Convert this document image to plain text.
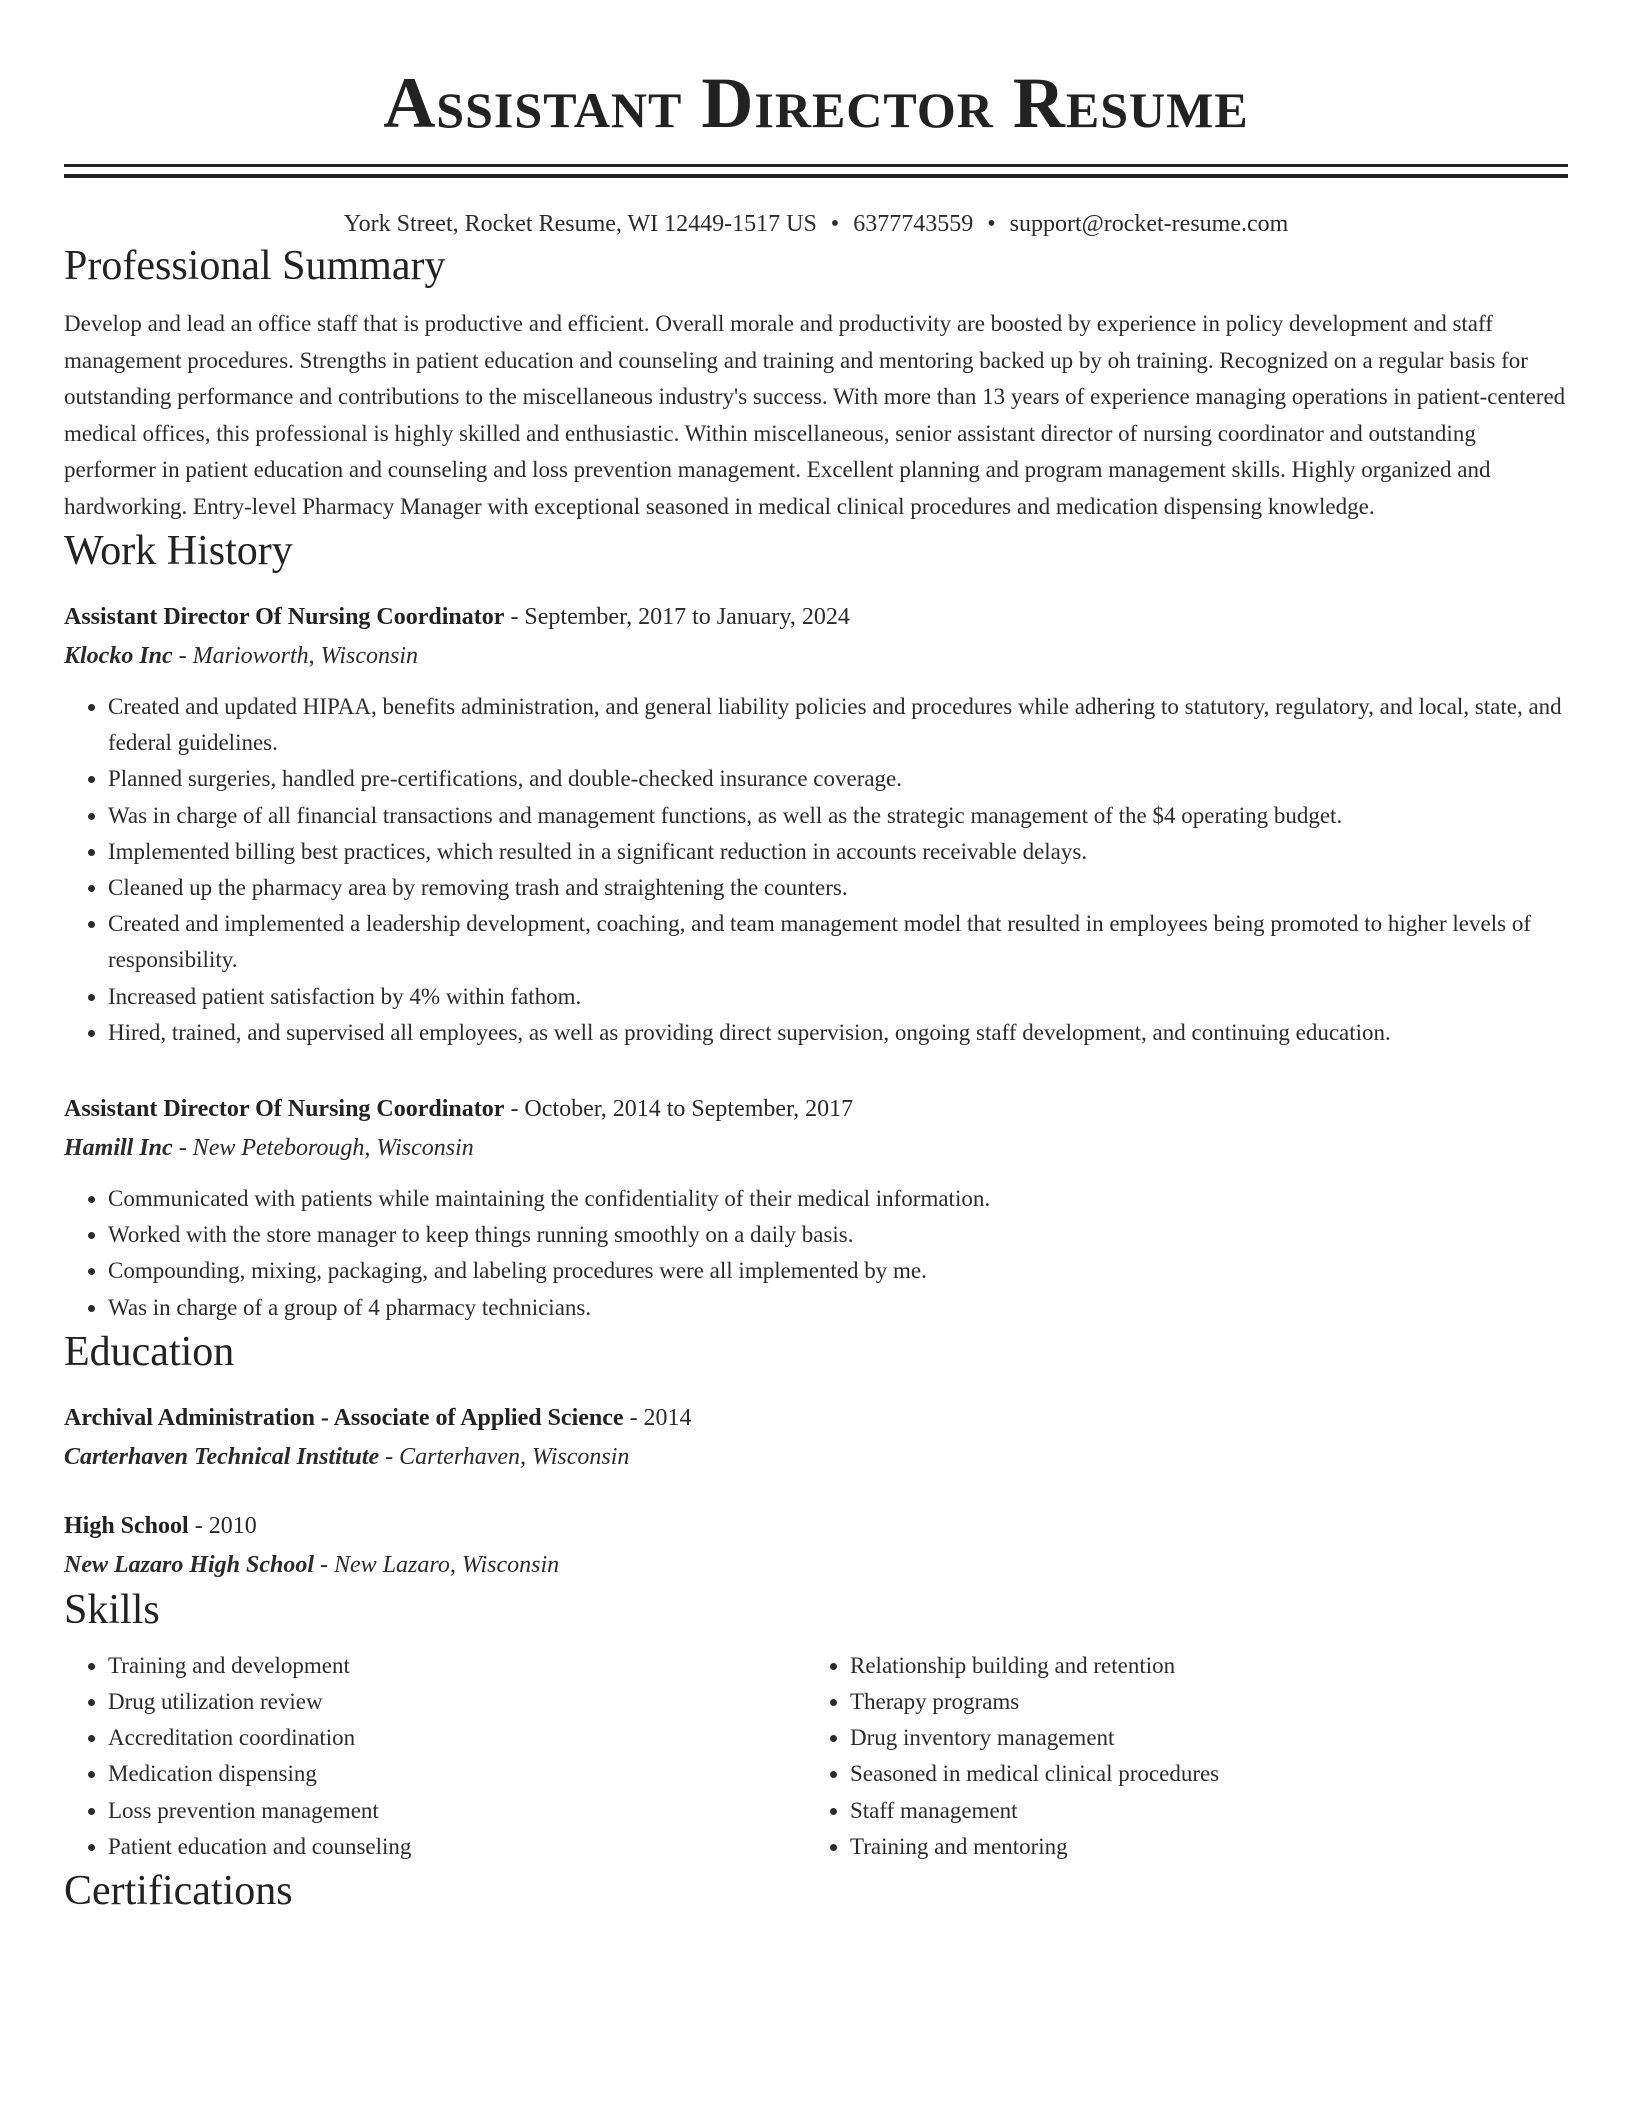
Assistant Director Resume
York Street, Rocket Resume, WI 12449-1517 US • 6377743559 • support@rocket-resume.com
Professional Summary

Develop and lead an office staff that is productive and efficient. Overall morale and productivity are boosted by experience in policy development and staff management procedures. Strengths in patient education and counseling and training and mentoring backed up by oh training. Recognized on a regular basis for outstanding performance and contributions to the miscellaneous industry's success. With more than 13 years of experience managing operations in patient-centered medical offices, this professional is highly skilled and enthusiastic. Within miscellaneous, senior assistant director of nursing coordinator and outstanding performer in patient education and counseling and loss prevention management. Excellent planning and program management skills. Highly organized and hardworking. Entry-level Pharmacy Manager with exceptional seasoned in medical clinical procedures and medication dispensing knowledge.

Work History
Assistant Director Of Nursing Coordinator - September, 2017 to January, 2024
Klocko Inc - Marioworth, Wisconsin
• Created and updated HIPAA, benefits administration, and general liability policies and procedures while adhering to statutory, regulatory, and local, state, and federal guidelines.
• Planned surgeries, handled pre-certifications, and double-checked insurance coverage.
• Was in charge of all financial transactions and management functions, as well as the strategic management of the $4 operating budget.
• Implemented billing best practices, which resulted in a significant reduction in accounts receivable delays.
• Cleaned up the pharmacy area by removing trash and straightening the counters.
• Created and implemented a leadership development, coaching, and team management model that resulted in employees being promoted to higher levels of responsibility.
• Increased patient satisfaction by 4% within fathom.
• Hired, trained, and supervised all employees, as well as providing direct supervision, ongoing staff development, and continuing education.
Assistant Director Of Nursing Coordinator - October, 2014 to September, 2017
Hamill Inc - New Peteborough, Wisconsin
• Communicated with patients while maintaining the confidentiality of their medical information.
• Worked with the store manager to keep things running smoothly on a daily basis.
• Compounding, mixing, packaging, and labeling procedures were all implemented by me.
• Was in charge of a group of 4 pharmacy technicians.
Education
Archival Administration - Associate of Applied Science - 2014
Carterhaven Technical Institute - Carterhaven, Wisconsin
High School - 2010
New Lazaro High School - New Lazaro, Wisconsin
Skills
• Training and development
• Drug utilization review
• Accreditation coordination
• Medication dispensing
• Loss prevention management
• Patient education and counseling
• Relationship building and retention
• Therapy programs
• Drug inventory management
• Seasoned in medical clinical procedures
• Staff management
• Training and mentoring
Certifications
